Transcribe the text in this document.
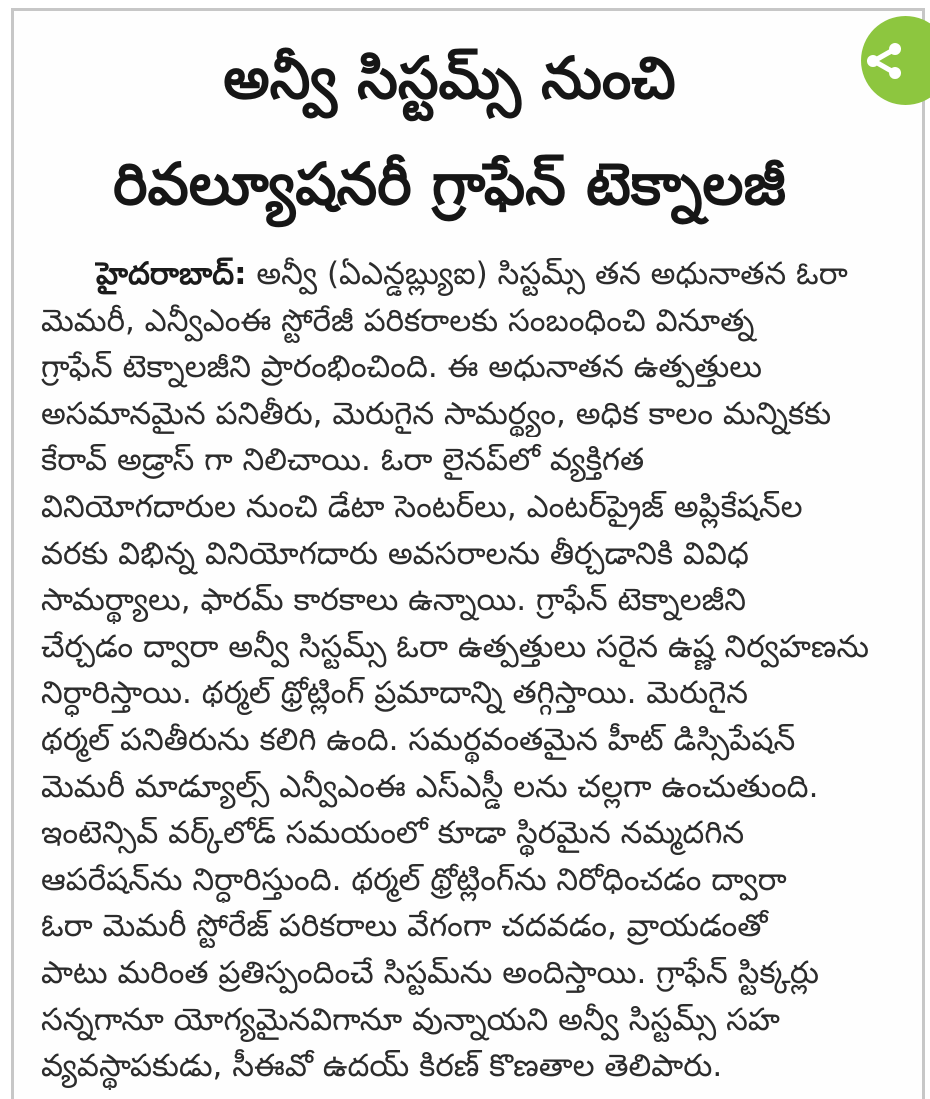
అన్వీ సిస్టమ్స్ నుంచి
రివల్యూషనరీ గ్రాఫేన్ టెక్నాలజీ
హైదరాబాద్: అన్వీ (ఏఎన్డబ్ల్యుఐ) సిస్టమ్స్ తన అధునాతన ఓరా
మెమరీ, ఎన్వీఎంఈ స్టోరేజీ పరికరాలకు సంబంధించి వినూత్న
గ్రాఫేన్ టెక్నాలజీని ప్రారంభించింది. ఈ అధునాతన ఉత్పత్తులు
అసమానమైన పనితీరు, మెరుగైన సామర్థ్యం, అధిక కాలం మన్నికకు
కేరావ్ అడ్రాస్ గా నిలిచాయి. ఓరా లైనప్‌లో వ్యక్తిగత
వినియోగదారుల నుంచి డేటా సెంటర్‌లు, ఎంటర్‌ప్రైజ్ అప్లికేషన్‌ల
వరకు విభిన్న వినియోగదారు అవసరాలను తీర్చడానికి వివిధ
సామర్థ్యాలు, ఫారమ్ కారకాలు ఉన్నాయి. గ్రాఫేన్ టెక్నాలజీని
చేర్చడం ద్వారా అన్వీ సిస్టమ్స్ ఓరా ఉత్పత్తులు సరైన ఉష్ణ నిర్వహణను
నిర్ధారిస్తాయి. థర్మల్ థ్రోట్లింగ్ ప్రమాదాన్ని తగ్గిస్తాయి. మెరుగైన
థర్మల్ పనితీరును కలిగి ఉంది. సమర్థవంతమైన హీట్ డిస్సిపేషన్
మెమరీ మాడ్యూల్స్ ఎన్వీఎంఈ ఎస్ఎస్డీ లను చల్లగా ఉంచుతుంది.
ఇంటెన్సివ్ వర్క్‌లోడ్ సమయంలో కూడా స్థిరమైన నమ్మదగిన
ఆపరేషన్‌ను నిర్ధారిస్తుంది. థర్మల్ థ్రోట్లింగ్‌ను నిరోధించడం ద్వారా
ఓరా మెమరీ స్టోరేజ్ పరికరాలు వేగంగా చదవడం, వ్రాయడంతో
పాటు మరింత ప్రతిస్పందించే సిస్టమ్‌ను అందిస్తాయి. గ్రాఫేన్ స్టిక్కర్లు
సన్నగానూ యోగ్యమైనవిగానూ వున్నాయని అన్వీ సిస్టమ్స్ సహ
వ్యవస్థాపకుడు, సీఈవో ఉదయ్ కిరణ్ కొణతాల తెలిపారు.
